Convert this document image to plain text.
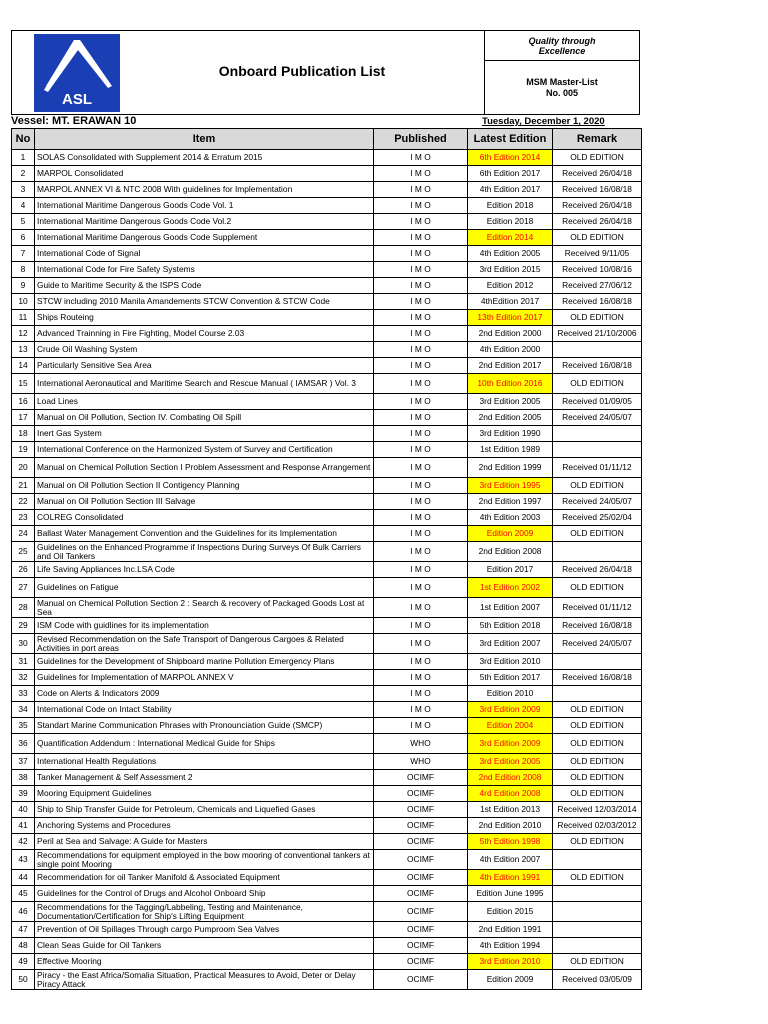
ASL
Onboard Publication List
Quality through
Excellence
MSM Master-List
No. 005
Vessel: MT. ERAWAN 10	Tuesday, December 1, 2020
No	Item	Published	Latest Edition	Remark
1	SOLAS Consolidated with Supplement 2014 & Erratum 2015	I M O	6th Edition 2014	OLD EDITION
2	MARPOL Consolidated	I M O	6th Edition 2017	Received 26/04/18
3	MARPOL ANNEX VI & NTC 2008 With guidelines for Implementation	I M O	4th Edition 2017	Received 16/08/18
4	International Maritime Dangerous Goods Code Vol. 1	I M O	Edition 2018	Received 26/04/18
5	International Maritime Dangerous Goods Code Vol.2	I M O	Edition 2018	Received 26/04/18
6	International Maritime Dangerous Goods Code Supplement	I M O	Edition 2014	OLD EDITION
7	International Code of Signal	I M O	4th Edition 2005	Received 9/11/05
8	International Code for Fire Safety Systems	I M O	3rd Edition 2015	Received 10/08/16
9	Guide to Maritime Security & the ISPS Code	I M O	Edition 2012	Received 27/06/12
10	STCW including 2010 Manila Amandements STCW Convention & STCW Code	I M O	4thEdition 2017	Received 16/08/18
11	Ships Routeing	I M O	13th Edition 2017	OLD EDITION
12	Advanced Trainning in Fire Fighting, Model Course 2.03	I M O	2nd Edition 2000	Received 21/10/2006
13	Crude Oil Washing System	I M O	4th Edition 2000	
14	Particularly Sensitive Sea Area	I M O	2nd Edition 2017	Received 16/08/18
15	International Aeronautical and Maritime Search and Rescue Manual ( IAMSAR ) Vol. 3	I M O	10th Edition 2016	OLD EDITION
16	Load Lines	I M O	3rd Edition 2005	Received 01/09/05
17	Manual on Oil Pollution, Section IV. Combating Oil Spill	I M O	2nd Edition 2005	Received 24/05/07
18	Inert Gas System	I M O	3rd Edition 1990	
19	International Conference on the Harmonized System of Survey and Certification	I M O	1st Edition 1989	
20	Manual on Chemical Pollution Section I Problem Assessment and Response Arrangement	I M O	2nd Edition 1999	Received 01/11/12
21	Manual on Oil Pollution Section II Contigency Planning	I M O	3rd Edition 1995	OLD EDITION
22	Manual on Oil Pollution Section III Salvage	I M O	2nd Edition 1997	Received 24/05/07
23	COLREG Consolidated	I M O	4th Edition 2003	Received 25/02/04
24	Ballast Water Management Convention and the Guidelines for its Implementation	I M O	Edition 2009	OLD EDITION
25	Guidelines on the Enhanced Programme if Inspections During Surveys Of Bulk Carriers and Oil Tankers	I M O	2nd Edition 2008	
26	Life Saving Appliances Inc.LSA Code	I M O	Edition 2017	Received 26/04/18
27	Guidelines on Fatigue	I M O	1st Edition 2002	OLD EDITION
28	Manual on Chemical Pollution Section 2 : Search & recovery of Packaged Goods Lost at Sea	I M O	1st Edition 2007	Received 01/11/12
29	ISM Code with guidlines for its implementation	I M O	5th Edition 2018	Received 16/08/18
30	Revised Recommendation on the Safe Transport of Dangerous Cargoes & Related Activities in port areas	I M O	3rd Edition 2007	Received 24/05/07
31	Guidelines for the Development of Shipboard marine Pollution Emergency Plans	I M O	3rd Edition 2010	
32	Guidelines for Implementation of MARPOL ANNEX V	I M O	5th Edition 2017	Received 16/08/18
33	Code on Alerts & Indicators 2009	I M O	Edition 2010	
34	International Code on Intact Stability	I M O	3rd Edition 2009	OLD EDITION
35	Standart Marine Communication Phrases with Pronounciation Guide (SMCP)	I M O	Edition 2004	OLD EDITION
36	Quantification Addendum : International Medical Guide for Ships	WHO	3rd Edition 2009	OLD EDITION
37	International Health Regulations	WHO	3rd Edition 2005	OLD EDITION
38	Tanker Management & Self Assessment 2	OCIMF	2nd Edition 2008	OLD EDITION
39	Mooring Equipment Guidelines	OCIMF	4rd Edition 2008	OLD EDITION
40	Ship to Ship Transfer Guide for Petroleum, Chemicals and Liquefied Gases	OCIMF	1st Edition 2013	Received 12/03/2014
41	Anchoring Systems and Procedures	OCIMF	2nd Edition 2010	Received 02/03/2012
42	Peril at Sea and Salvage: A Guide for Masters	OCIMF	5th Edition 1998	OLD EDITION
43	Recommendations for equipment employed in the bow mooring of conventional tankers at single point Mooring	OCIMF	4th Edition 2007	
44	Recommendation for oil Tanker Manifold & Associated Equipment	OCIMF	4th Edition 1991	OLD EDITION
45	Guidelines for the Control of Drugs and Alcohol Onboard Ship	OCIMF	Edition June 1995	
46	Recommendations for the Tagging/Labbeling, Testing and Maintenance, Documentation/Certification for Ship's Lifting Equipment	OCIMF	Edition 2015	
47	Prevention of Oil Spillages Through cargo Pumproom Sea Valves	OCIMF	2nd Edition 1991	
48	Clean Seas Guide for Oil Tankers	OCIMF	4th Edition 1994	
49	Effective Mooring	OCIMF	3rd Edition 2010	OLD EDITION
50	Piracy - the East Africa/Somalia Situation, Practical Measures to Avoid, Deter or Delay Piracy Attack	OCIMF	Edition 2009	Received 03/05/09
